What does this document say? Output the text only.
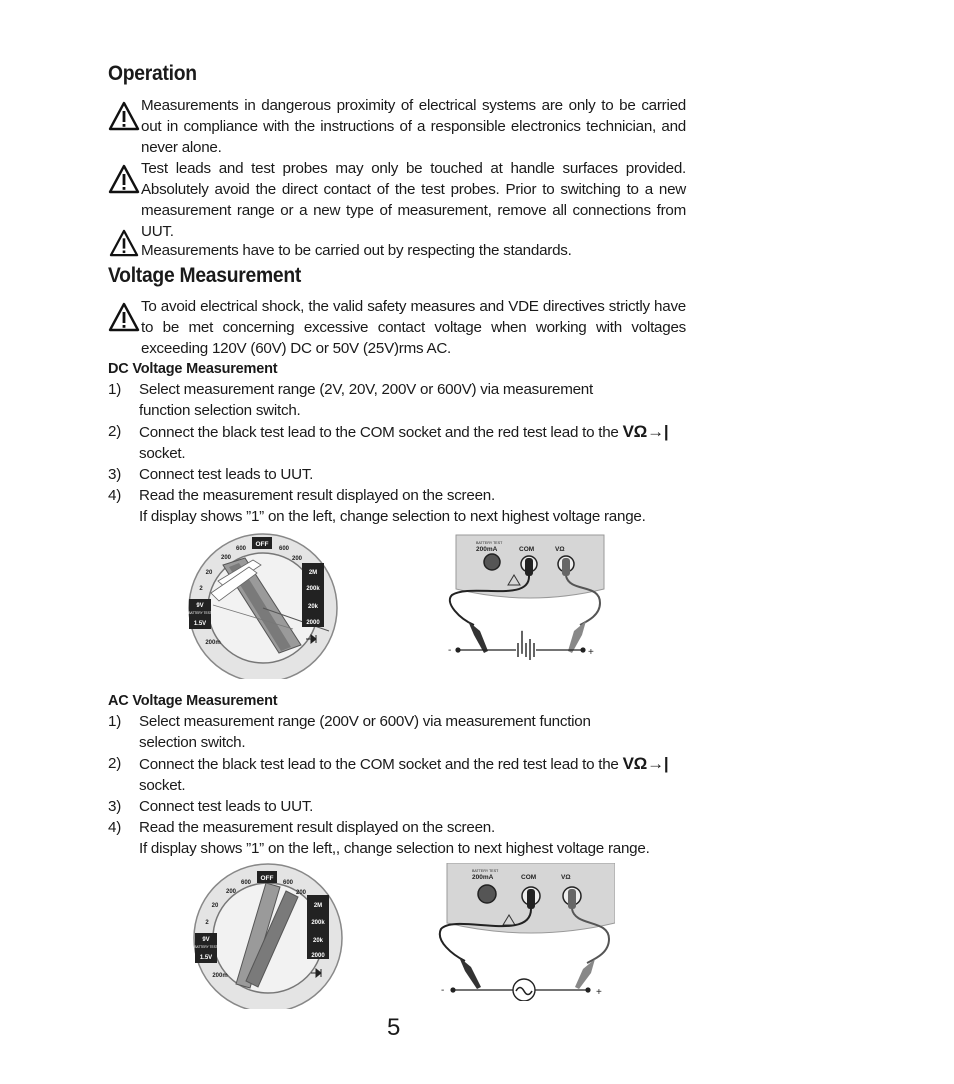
Operation
Measurements in dangerous proximity of electrical systems are only to be carried out in compliance with the instructions of a responsible electronics technician, and never alone.
Test leads and test probes may only be touched at handle surfaces provided. Absolutely avoid the direct contact of the test probes. Prior to switching to a new measurement range or a new type of measurement, remove all connections from UUT.
Measurements have to be carried out by respecting the standards.
Voltage Measurement
To avoid electrical shock, the valid safety measures and VDE directives strictly have to be met concerning excessive contact voltage when working with voltages exceeding 120V (60V) DC or 50V (25V)rms AC.
DC Voltage Measurement
1) Select measurement range (2V, 20V, 200V or 600V) via measurement
function selection switch.
2) Connect the black test lead to the COM socket and the red test lead to the VΩ→|
socket.
3) Connect test leads to UUT.
4) Read the measurement result displayed on the screen.
If display shows ”1” on the left, change selection to next highest voltage range.
OFF
600
200
20
2
9V
BATTERY TEST
1.5V
200m
600
200
2M
200k
20k
2000
BATTERY TEST
200mA	COM	VΩ
-	+
AC Voltage Measurement
1) Select measurement range (200V or 600V) via measurement function
selection switch.
2) Connect the black test lead to the COM socket and the red test lead to the VΩ→|
socket.
3) Connect test leads to UUT.
4) Read the measurement result displayed on the screen.
If display shows ”1” on the left,, change selection to next highest voltage range.
OFF
600
200
20
2
9V
BATTERY TEST
1.5V
200m
600
200
2M
200k
20k
2000
BATTERY TEST
200mA	COM	VΩ
-	+
5
